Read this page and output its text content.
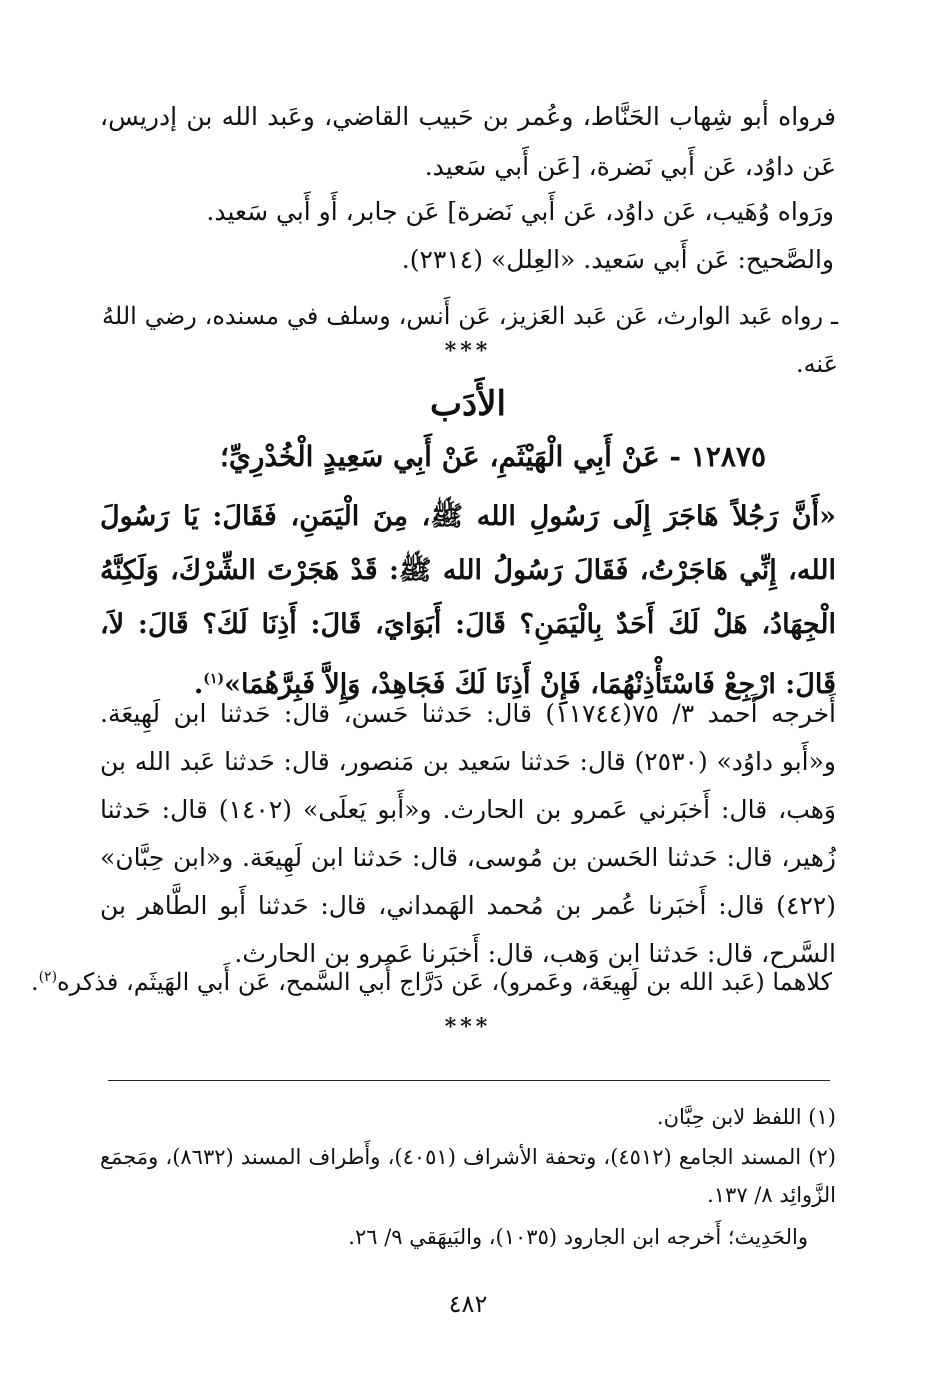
فرواه أبو شِهاب الحَنَّاط، وعُمر بن حَبيب القاضي، وعَبد الله بن إدريس، عَن داوُد، عَن أَبي نَضرة، [عَن أَبي سَعيد.

ورَواه وُهَيب، عَن داوُد، عَن أَبي نَضرة] عَن جابر، أَو أَبي سَعيد.

والصَّحيح: عَن أَبي سَعيد. «العِلل» (٢٣١٤).

ـ رواه عَبد الوارث، عَن عَبد العَزيز، عَن أَنس، وسلف في مسنده، رضي اللهُ عَنه.

***
الأَدَب
١٢٨٧٥ - عَنْ أَبِي الْهَيْثَمِ، عَنْ أَبِي سَعِيدٍ الْخُدْرِيِّ؛

«أَنَّ رَجُلاً هَاجَرَ إِلَى رَسُولِ الله ﷺ، مِنَ الْيَمَنِ، فَقَالَ: يَا رَسُولَ الله، إِنِّي هَاجَرْتُ، فَقَالَ رَسُولُ الله ﷺ: قَدْ هَجَرْتَ الشِّرْكَ، وَلَكِنَّهُ الْجِهَادُ، هَلْ لَكَ أَحَدٌ بِالْيَمَنِ؟ قَالَ: أَبَوَايَ، قَالَ: أَذِنَا لَكَ؟ قَالَ: لاَ، قَالَ: ارْجِعْ فَاسْتَأْذِنْهُمَا، فَإِنْ أَذِنَا لَكَ فَجَاهِدْ، وَإِلاَّ فَبِرَّهُمَا»$^{(١)}$.

أَخرجه أَحمد ٣/ ٧٥(١١٧٤٤) قال: حَدثنا حَسن، قال: حَدثنا ابن لَهِيعَة. و«أَبو داوُد» (٢٥٣٠) قال: حَدثنا سَعيد بن مَنصور، قال: حَدثنا عَبد الله بن وَهب، قال: أَخبَرني عَمرو بن الحارث. و«أَبو يَعلَى» (١٤٠٢) قال: حَدثنا زُهير، قال: حَدثنا الحَسن بن مُوسى، قال: حَدثنا ابن لَهِيعَة. و«ابن حِبَّان» (٤٢٢) قال: أَخبَرنا عُمر بن مُحمد الهَمداني، قال: حَدثنا أَبو الطَّاهر بن السَّرح، قال: حَدثنا ابن وَهب، قال: أَخبَرنا عَمرو بن الحارث.

كلاهما (عَبد الله بن لَهِيعَة، وعَمرو)، عَن دَرَّاج أَبي السَّمح، عَن أَبي الهَيثَم، فذكره$^{(٢)}$.
***

(١) اللفظ لابن حِبَّان.

(٢) المسند الجامع (٤٥١٢)، وتحفة الأشراف (٤٠٥١)، وأَطراف المسند (٨٦٣٢)، ومَجمَع الزَّوائِد ٨/ ١٣٧.

والحَدِيث؛ أَخرجه ابن الجارود (١٠٣٥)، والبَيهَقي ٩/ ٢٦.

٤٨٢
